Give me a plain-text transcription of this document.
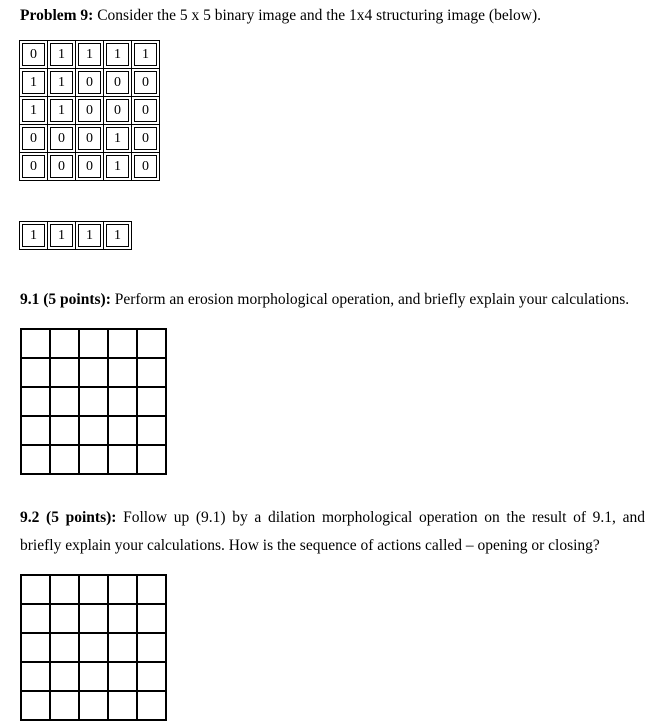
Problem 9: Consider the 5 x 5 binary image and the 1x4 structuring image (below).

0	1	1	1	1
1	1	0	0	0
1	1	0	0	0
0	0	0	1	0
0	0	0	1	0
1	1	1	1

9.1 (5 points): Perform an erosion morphological operation, and briefly explain your calculations.

9.2 (5 points): Follow up (9.1) by a dilation morphological operation on the result of 9.1, and briefly explain your calculations. How is the sequence of actions called – opening or closing?
